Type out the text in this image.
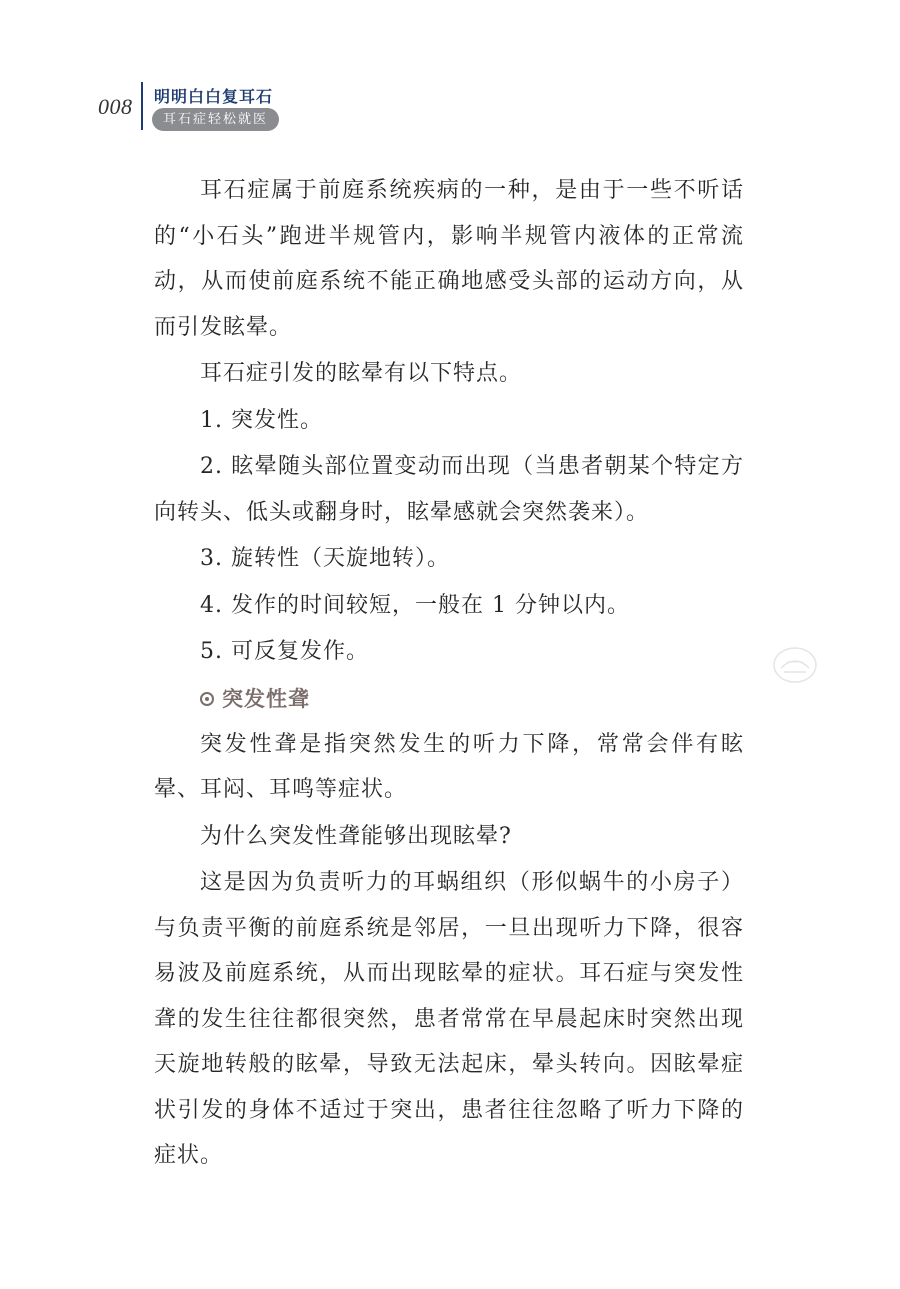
008 明明白白复耳石
耳石症轻松就医

耳石症属于前庭系统疾病的一种，是由于一些不听话的“小石头”跑进半规管内，影响半规管内液体的正常流动，从而使前庭系统不能正确地感受头部的运动方向，从而引发眩晕。

耳石症引发的眩晕有以下特点。

1. 突发性。

2. 眩晕随头部位置变动而出现（当患者朝某个特定方向转头、低头或翻身时，眩晕感就会突然袭来）。

3. 旋转性（天旋地转）。

4. 发作的时间较短，一般在 1 分钟以内。

5. 可反复发作。

突发性聋

突发性聋是指突然发生的听力下降，常常会伴有眩晕、耳闷、耳鸣等症状。

为什么突发性聋能够出现眩晕?

这是因为负责听力的耳蜗组织（形似蜗牛的小房子）与负责平衡的前庭系统是邻居，一旦出现听力下降，很容易波及前庭系统，从而出现眩晕的症状。耳石症与突发性聋的发生往往都很突然，患者常常在早晨起床时突然出现天旋地转般的眩晕，导致无法起床，晕头转向。因眩晕症状引发的身体不适过于突出，患者往往忽略了听力下降的症状。
